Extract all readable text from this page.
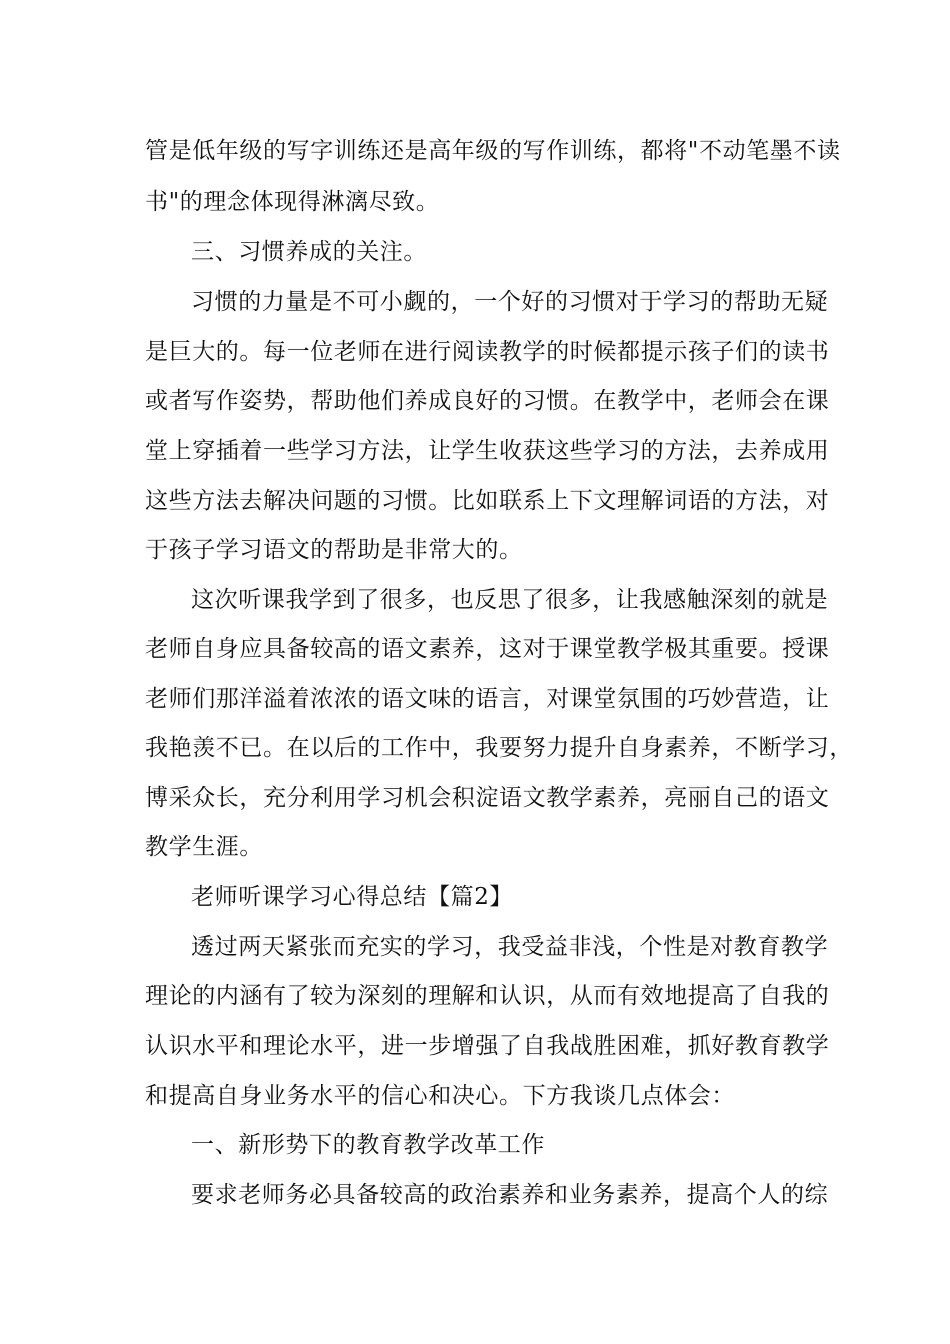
管是低年级的写字训练还是高年级的写作训练，都将"不动笔墨不读
书"的理念体现得淋漓尽致。
三、习惯养成的关注。
习惯的力量是不可小觑的，一个好的习惯对于学习的帮助无疑
是巨大的。每一位老师在进行阅读教学的时候都提示孩子们的读书
或者写作姿势，帮助他们养成良好的习惯。在教学中，老师会在课
堂上穿插着一些学习方法，让学生收获这些学习的方法，去养成用
这些方法去解决问题的习惯。比如联系上下文理解词语的方法，对
于孩子学习语文的帮助是非常大的。
这次听课我学到了很多，也反思了很多，让我感触深刻的就是
老师自身应具备较高的语文素养，这对于课堂教学极其重要。授课
老师们那洋溢着浓浓的语文味的语言，对课堂氛围的巧妙营造，让
我艳羡不已。在以后的工作中，我要努力提升自身素养，不断学习，
博采众长，充分利用学习机会积淀语文教学素养，亮丽自己的语文
教学生涯。
老师听课学习心得总结【篇2】
透过两天紧张而充实的学习，我受益非浅，个性是对教育教学
理论的内涵有了较为深刻的理解和认识，从而有效地提高了自我的
认识水平和理论水平，进一步增强了自我战胜困难，抓好教育教学
和提高自身业务水平的信心和决心。下方我谈几点体会：
一、新形势下的教育教学改革工作
要求老师务必具备较高的政治素养和业务素养，提高个人的综
